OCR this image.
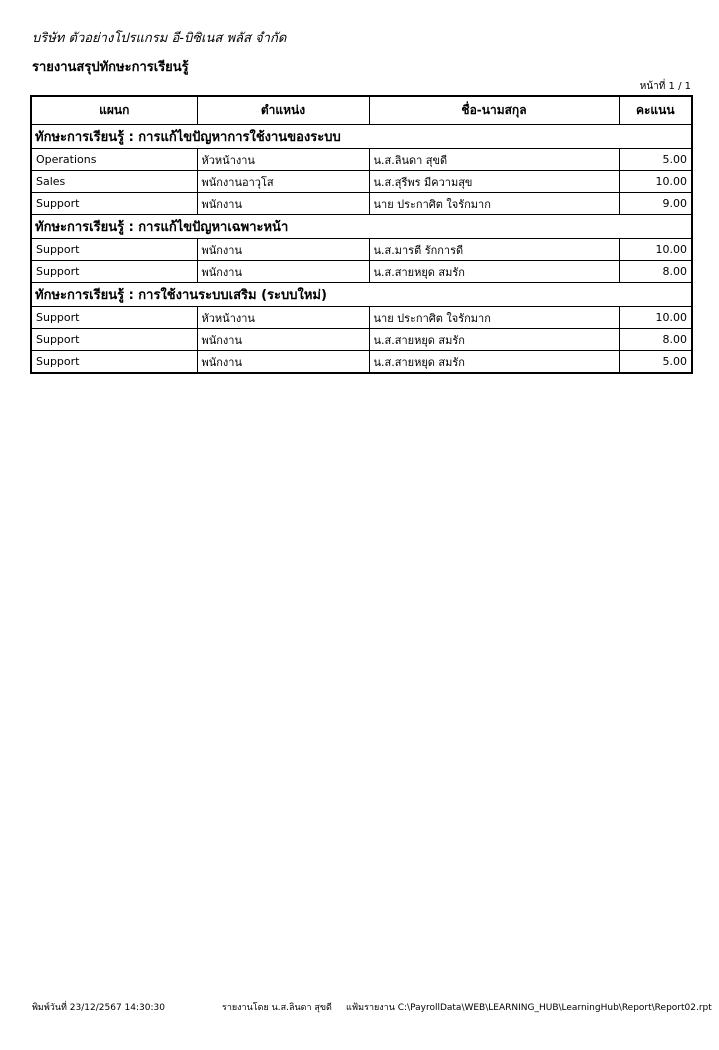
บริษัท ตัวอย่างโปรแกรม อี-บิซิเนส พลัส จำกัด
รายงานสรุปทักษะการเรียนรู้
หน้าที่ 1 / 1
แผนก	ตำแหน่ง	ชื่อ-นามสกุล	คะแนน
ทักษะการเรียนรู้ : การแก้ไขปัญหาการใช้งานของระบบ			
Operations	หัวหน้างาน	น.ส.ลินดา สุขดี	5.00
Sales	พนักงานอาวุโส	น.ส.สุรีพร มีความสุข	10.00
Support	พนักงาน	นาย ประกาศิต ใจรักมาก	9.00
ทักษะการเรียนรู้ : การแก้ไขปัญหาเฉพาะหน้า			
Support	พนักงาน	น.ส.มารตี รักการดี	10.00
Support	พนักงาน	น.ส.สายหยุด สมรัก	8.00
ทักษะการเรียนรู้ : การใช้งานระบบเสริม (ระบบใหม่)			
Support	หัวหน้างาน	นาย ประกาศิต ใจรักมาก	10.00
Support	พนักงาน	น.ส.สายหยุด สมรัก	8.00
Support	พนักงาน	น.ส.สายหยุด สมรัก	5.00
พิมพ์วันที่ 23/12/2567 14:30:30	รายงานโดย น.ส.ลินดา สุขดี แฟ้มรายงาน C:\PayrollData\WEB\LEARNING_HUB\LearningHub\Report\Report02.rpt
